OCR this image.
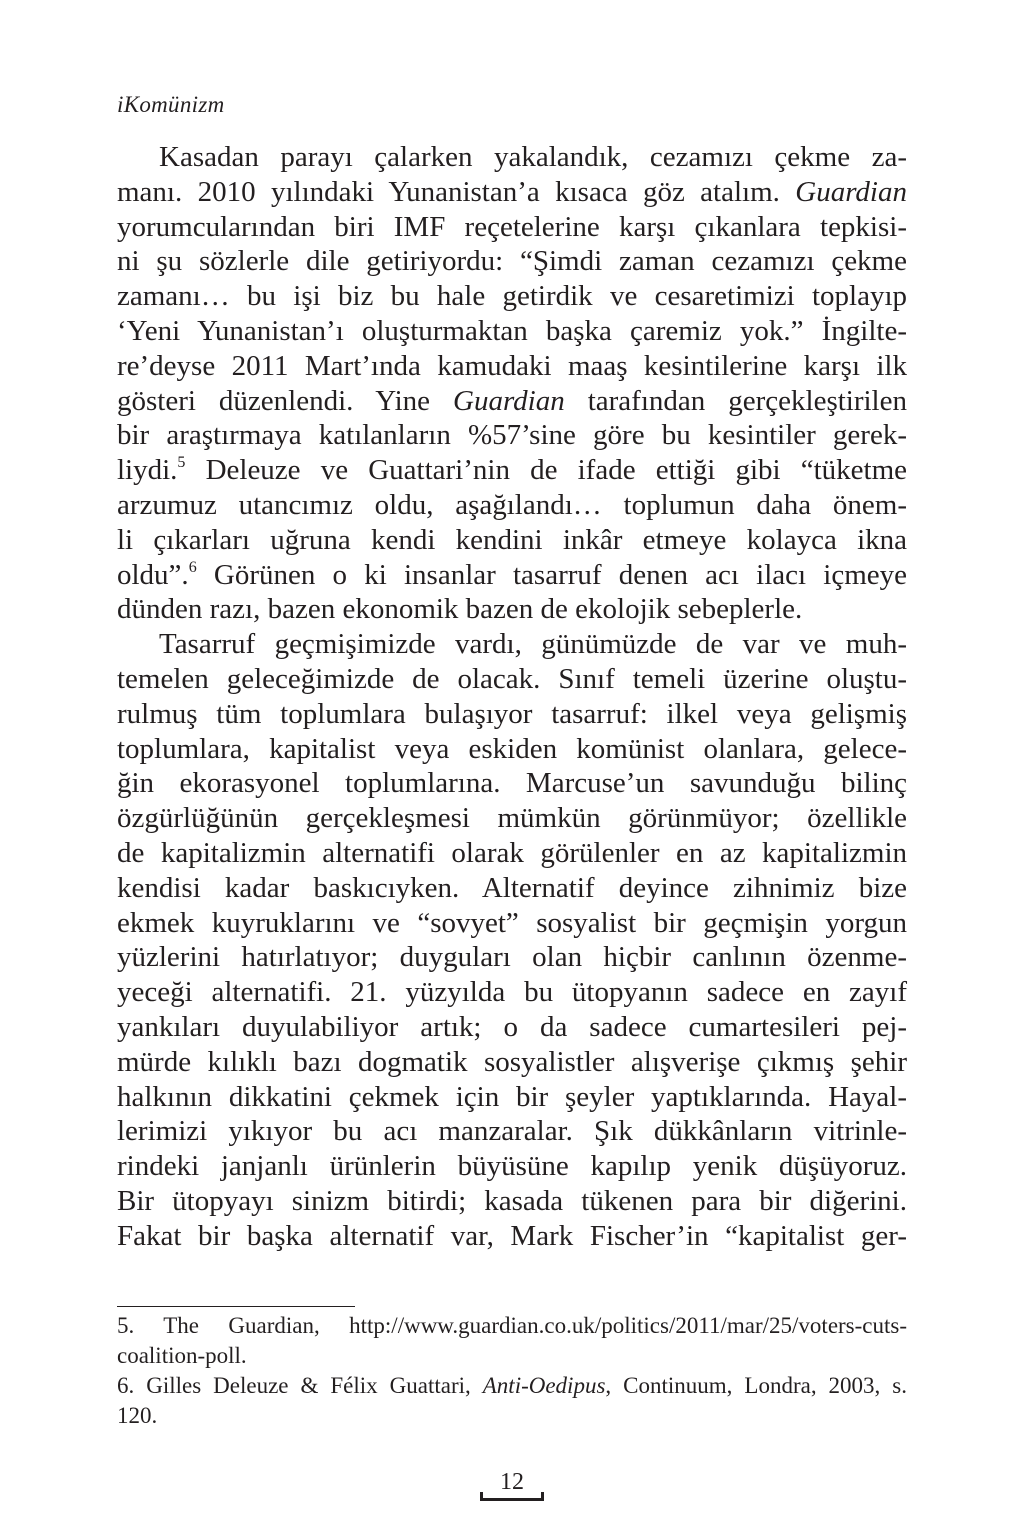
iKomünizm
Kasadan parayı çalarken yakalandık, cezamızı çekme za-
manı. 2010 yılındaki Yunanistan’a kısaca göz atalım. Guardian
yorumcularından biri IMF reçetelerine karşı çıkanlara tepkisi-
ni şu sözlerle dile getiriyordu: “Şimdi zaman cezamızı çekme
zamanı… bu işi biz bu hale getirdik ve cesaretimizi toplayıp
‘Yeni Yunanistan’ı oluşturmaktan başka çaremiz yok.” İngilte-
re’deyse 2011 Mart’ında kamudaki maaş kesintilerine karşı ilk
gösteri düzenlendi. Yine Guardian tarafından gerçekleştirilen
bir araştırmaya katılanların %57’sine göre bu kesintiler gerek-
liydi.$^5$ Deleuze ve Guattari’nin de ifade ettiği gibi “tüketme
arzumuz utancımız oldu, aşağılandı… toplumun daha önem-
li çıkarları uğruna kendi kendini inkâr etmeye kolayca ikna
oldu”.$^6$ Görünen o ki insanlar tasarruf denen acı ilacı içmeye
dünden razı, bazen ekonomik bazen de ekolojik sebeplerle.
Tasarruf geçmişimizde vardı, günümüzde de var ve muh-
temelen geleceğimizde de olacak. Sınıf temeli üzerine oluştu-
rulmuş tüm toplumlara bulaşıyor tasarruf: ilkel veya gelişmiş
toplumlara, kapitalist veya eskiden komünist olanlara, gelece-
ğin ekorasyonel toplumlarına. Marcuse’un savunduğu bilinç
özgürlüğünün gerçekleşmesi mümkün görünmüyor; özellikle
de kapitalizmin alternatifi olarak görülenler en az kapitalizmin
kendisi kadar baskıcıyken. Alternatif deyince zihnimiz bize
ekmek kuyruklarını ve “sovyet” sosyalist bir geçmişin yorgun
yüzlerini hatırlatıyor; duyguları olan hiçbir canlının özenme-
yeceği alternatifi. 21. yüzyılda bu ütopyanın sadece en zayıf
yankıları duyulabiliyor artık; o da sadece cumartesileri pej-
mürde kılıklı bazı dogmatik sosyalistler alışverişe çıkmış şehir
halkının dikkatini çekmek için bir şeyler yaptıklarında. Hayal-
lerimizi yıkıyor bu acı manzaralar. Şık dükkânların vitrinle-
rindeki janjanlı ürünlerin büyüsüne kapılıp yenik düşüyoruz.
Bir ütopyayı sinizm bitirdi; kasada tükenen para bir diğerini.
Fakat bir başka alternatif var, Mark Fischer’in “kapitalist ger-
5. The Guardian, http://www.guardian.co.uk/politics/2011/mar/25/voters-cuts-
coalition-poll.
6. Gilles Deleuze & Félix Guattari, Anti-Oedipus, Continuum, Londra, 2003, s.
120.
12
